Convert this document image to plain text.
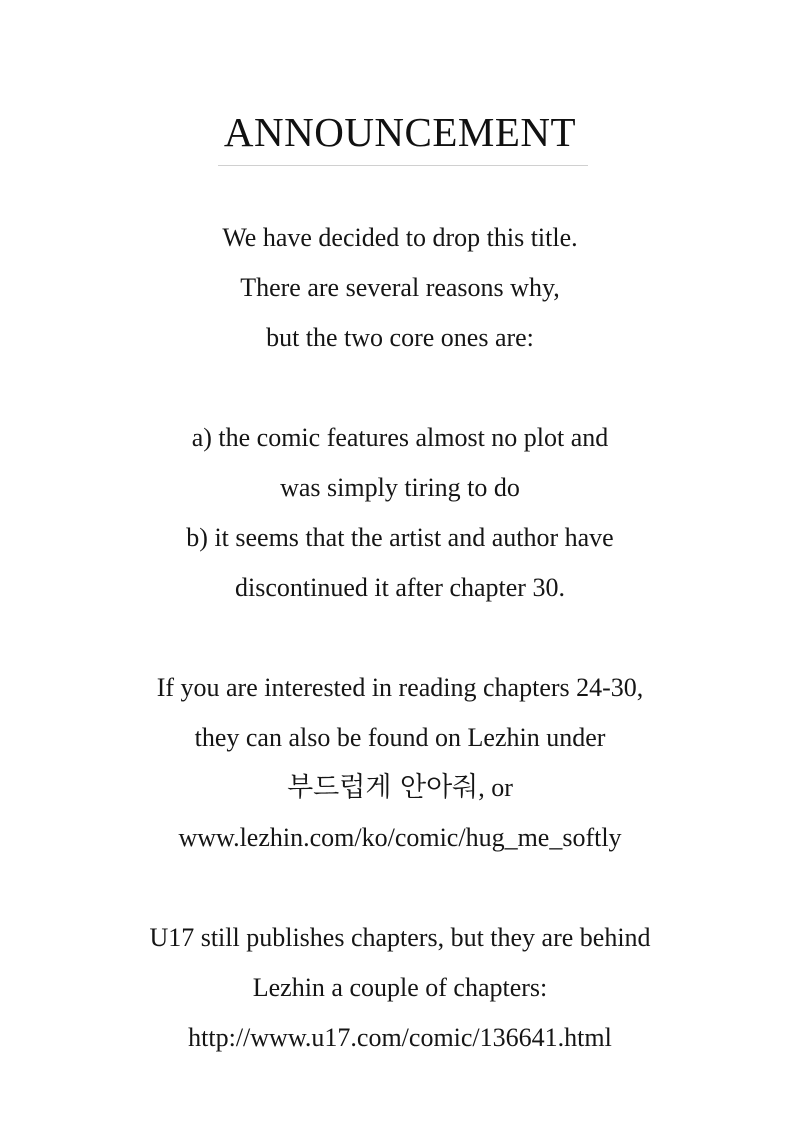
ANNOUNCEMENT
We have decided to drop this title.
There are several reasons why,
but the two core ones are:
a) the comic features almost no plot and
was simply tiring to do
b) it seems that the artist and author have
discontinued it after chapter 30.
If you are interested in reading chapters 24-30,
they can also be found on Lezhin under
부드럽게 안아줘, or
www.lezhin.com/ko/comic/hug_me_softly
U17 still publishes chapters, but they are behind
Lezhin a couple of chapters:
http://www.u17.com/comic/136641.html
